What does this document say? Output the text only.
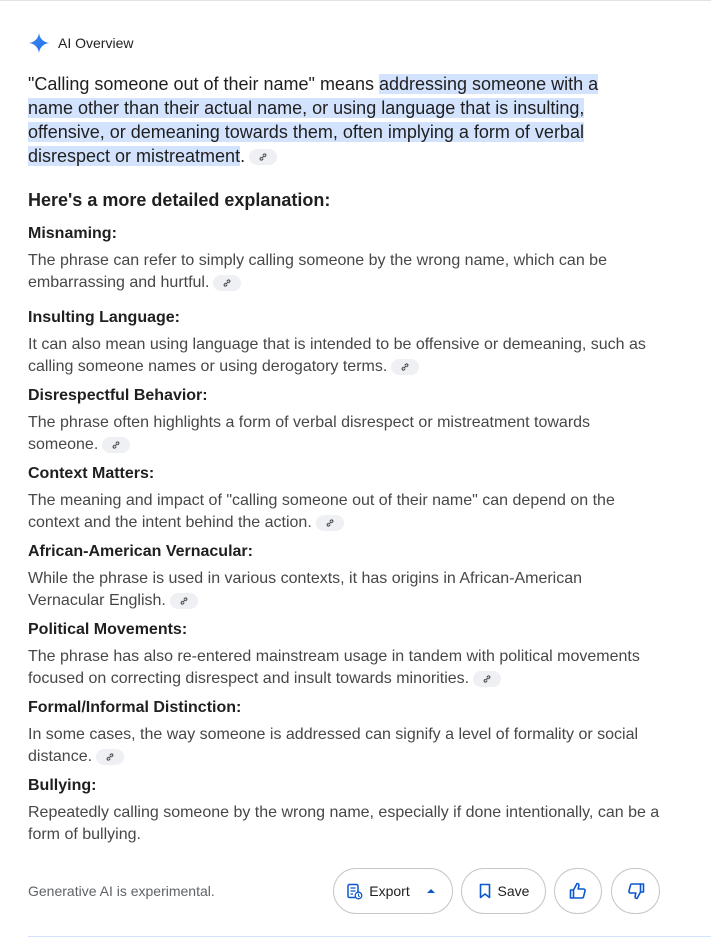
AI Overview
"Calling someone out of their name" means addressing someone with a name other than their actual name, or using language that is insulting, offensive, or demeaning towards them, often implying a form of verbal disrespect or mistreatment.
Here's a more detailed explanation:
Misnaming:
The phrase can refer to simply calling someone by the wrong name, which can be embarrassing and hurtful.
Insulting Language:
It can also mean using language that is intended to be offensive or demeaning, such as calling someone names or using derogatory terms.
Disrespectful Behavior:
The phrase often highlights a form of verbal disrespect or mistreatment towards someone.
Context Matters:
The meaning and impact of "calling someone out of their name" can depend on the context and the intent behind the action.
African-American Vernacular:
While the phrase is used in various contexts, it has origins in African-American Vernacular English.
Political Movements:
The phrase has also re-entered mainstream usage in tandem with political movements focused on correcting disrespect and insult towards minorities.
Formal/Informal Distinction:
In some cases, the way someone is addressed can signify a level of formality or social distance.
Bullying:
Repeatedly calling someone by the wrong name, especially if done intentionally, can be a form of bullying.
Generative AI is experimental.	Export	Save
